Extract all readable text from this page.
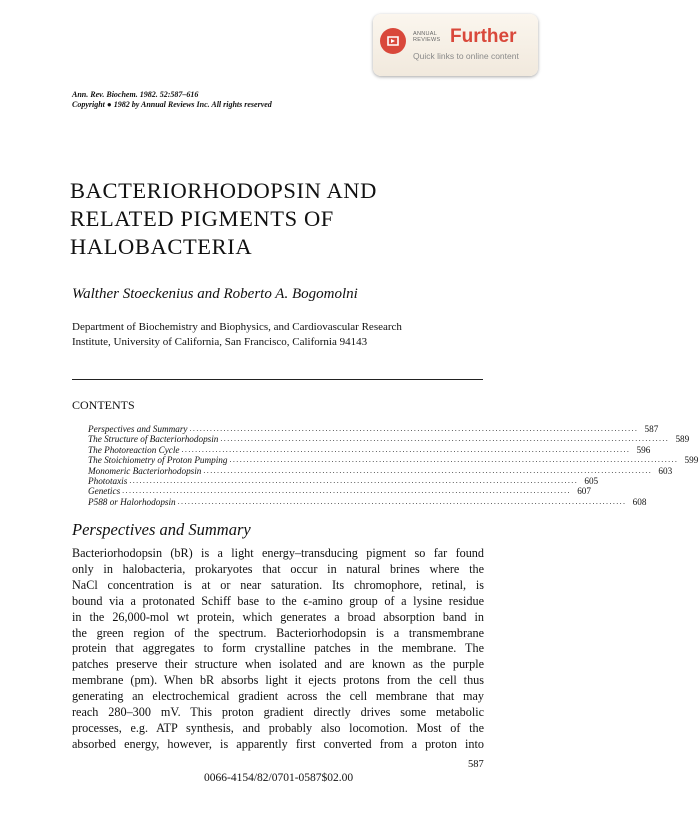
ANNUAL
REVIEWS Further
Quick links to online content
Ann. Rev. Biochem. 1982. 52:587–616
Copyright ● 1982 by Annual Reviews Inc. All rights reserved
BACTERIORHODOPSIN AND
RELATED PIGMENTS OF
HALOBACTERIA
Walther Stoeckenius and Roberto A. Bogomolni
Department of Biochemistry and Biophysics, and Cardiovascular Research
Institute, University of California, San Francisco, California 94143
CONTENTS
Perspectives and Summary .................................................................................................................................... 587
The Structure of Bacteriorhodopsin .................................................................................................................................... 589
The Photoreaction Cycle .................................................................................................................................... 596
The Stoichiometry of Proton Pumping .................................................................................................................................... 599
Monomeric Bacteriorhodopsin .................................................................................................................................... 603
Phototaxis .................................................................................................................................... 605
Genetics .................................................................................................................................... 607
P588 or Halorhodopsin .................................................................................................................................... 608
Perspectives and Summary
Bacteriorhodopsin (bR) is a light energy–transducing pigment so far found
only in halobacteria, prokaryotes that occur in natural brines where the
NaCl concentration is at or near saturation. Its chromophore, retinal, is
bound via a protonated Schiff base to the ϵ-amino group of a lysine residue
in the 26,000-mol wt protein, which generates a broad absorption band in
the green region of the spectrum. Bacteriorhodopsin is a transmembrane
protein that aggregates to form crystalline patches in the membrane. The
patches preserve their structure when isolated and are known as the purple
membrane (pm). When bR absorbs light it ejects protons from the cell thus
generating an electrochemical gradient across the cell membrane that may
reach 280–300 mV. This proton gradient directly drives some metabolic
processes, e.g. ATP synthesis, and probably also locomotion. Most of the
absorbed energy, however, is apparently first converted from a proton into
587
0066-4154/82/0701-0587$02.00
